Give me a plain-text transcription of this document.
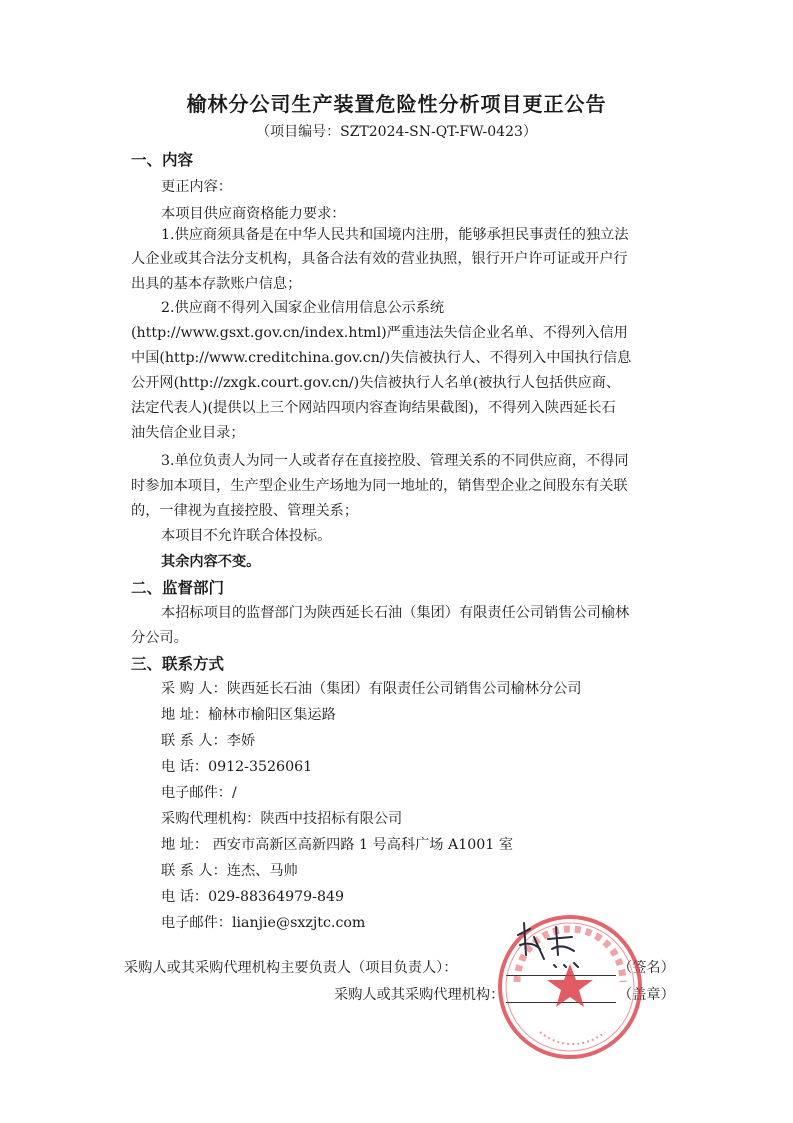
榆林分公司生产装置危险性分析项目更正公告
（项目编号：SZT2024-SN-QT-FW-0423）
一、内容
更正内容：
本项目供应商资格能力要求：
1.供应商须具备是在中华人民共和国境内注册，能够承担民事责任的独立法
人企业或其合法分支机构，具备合法有效的营业执照，银行开户许可证或开户行
出具的基本存款账户信息；
2.供应商不得列入国家企业信用信息公示系统
(http://www.gsxt.gov.cn/index.html)严重违法失信企业名单、不得列入信用
中国(http://www.creditchina.gov.cn/)失信被执行人、不得列入中国执行信息
公开网(http://zxgk.court.gov.cn/)失信被执行人名单(被执行人包括供应商、
法定代表人)(提供以上三个网站四项内容查询结果截图)，不得列入陕西延长石
油失信企业目录；
3.单位负责人为同一人或者存在直接控股、管理关系的不同供应商，不得同
时参加本项目，生产型企业生产场地为同一地址的，销售型企业之间股东有关联
的，一律视为直接控股、管理关系；
本项目不允许联合体投标。
其余内容不变。
二、监督部门
本招标项目的监督部门为陕西延长石油（集团）有限责任公司销售公司榆林
分公司。
三、联系方式
采 购 人：陕西延长石油（集团）有限责任公司销售公司榆林分公司
地 址：榆林市榆阳区集运路
联 系 人：李娇
电 话：0912-3526061
电子邮件：/
采购代理机构：陕西中技招标有限公司
地 址： 西安市高新区高新四路 1 号高科广场 A1001 室
联 系 人：连杰、马帅
电 话：029-88364979-849
电子邮件：lianjie@sxzjtc.com
采购人或其采购代理机构主要负责人（项目负责人）：	（签名）
采购人或其采购代理机构：	（盖章）
